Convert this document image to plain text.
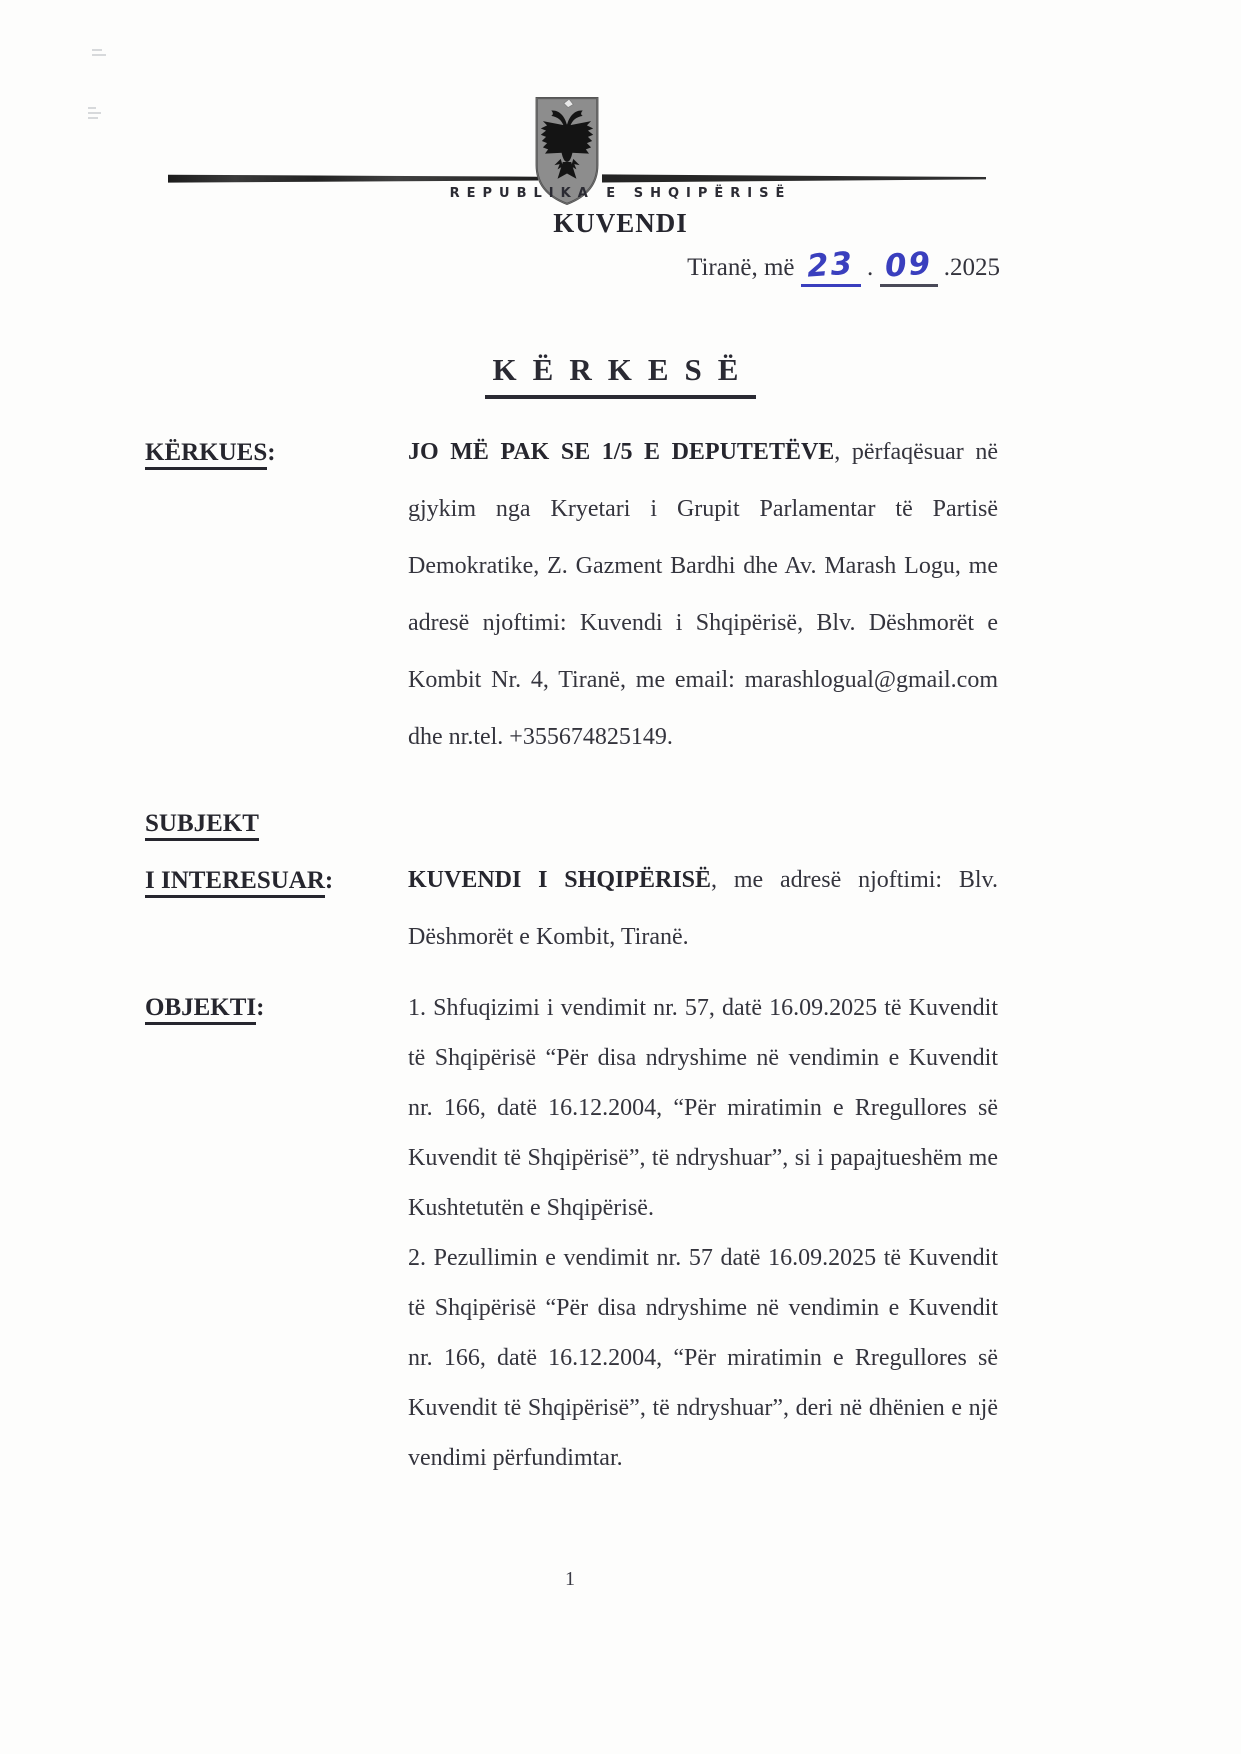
REPUBLIKA E SHQIPËRISË
KUVENDI
Tiranë, më 23 . 09 .2025
KËRKESË
KËRKUES:	JO MË PAK SE 1/5 E DEPUTETËVE, përfaqësuar në gjykim nga Kryetari i Grupit Parlamentar të Partisë Demokratike, Z. Gazment Bardhi dhe Av. Marash Logu, me adresë njoftimi: Kuvendi i Shqipërisë, Blv. Dëshmorët e Kombit Nr. 4, Tiranë, me email: marashlogual@gmail.com dhe nr.tel. +355674825149.

SUBJEKT
I INTERESUAR:	KUVENDI I SHQIPËRISË, me adresë njoftimi: Blv. Dëshmorët e Kombit, Tiranë.

OBJEKTI:	1. Shfuqizimi i vendimit nr. 57, datë 16.09.2025 të Kuvendit të Shqipërisë “Për disa ndryshime në vendimin e Kuvendit nr. 166, datë 16.12.2004, “Për miratimin e Rregullores së Kuvendit të Shqipërisë”, të ndryshuar”, si i papajtueshëm me Kushtetutën e Shqipërisë.

2. Pezullimin e vendimit nr. 57 datë 16.09.2025 të Kuvendit të Shqipërisë “Për disa ndryshime në vendimin e Kuvendit nr. 166, datë 16.12.2004, “Për miratimin e Rregullores së Kuvendit të Shqipërisë”, të ndryshuar”, deri në dhënien e një vendimi përfundimtar.

1
